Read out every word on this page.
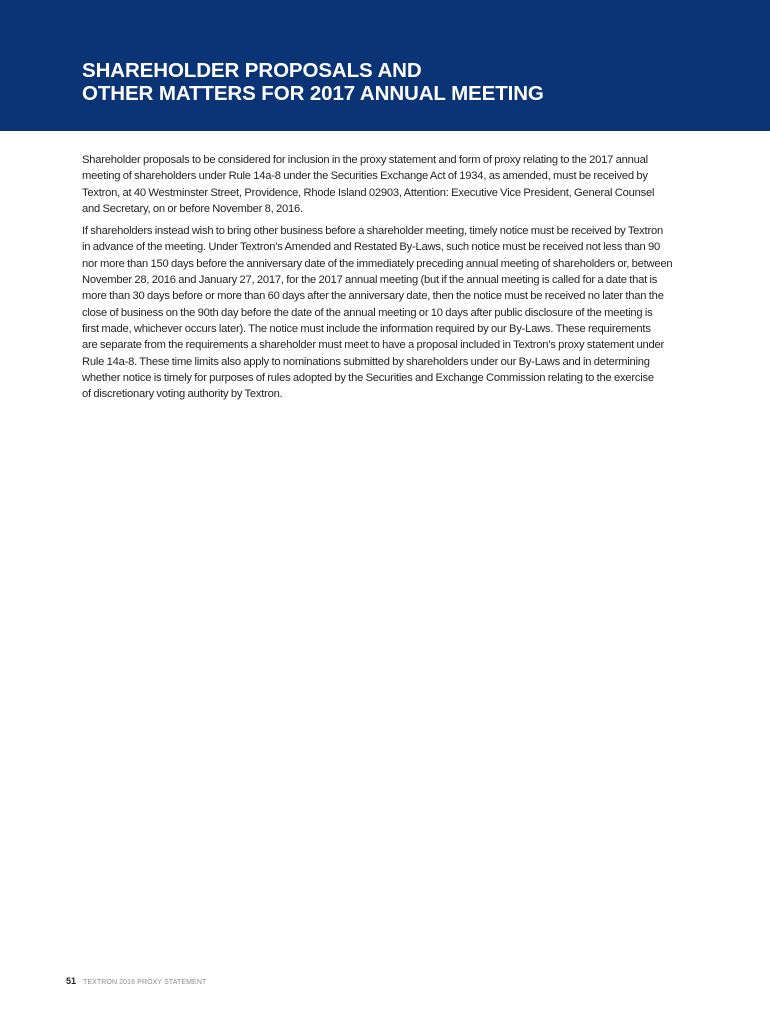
SHAREHOLDER PROPOSALS AND
OTHER MATTERS FOR 2017 ANNUAL MEETING

Shareholder proposals to be considered for inclusion in the proxy statement and form of proxy relating to the 2017 annual
meeting of shareholders under Rule 14a-8 under the Securities Exchange Act of 1934, as amended, must be received by
Textron, at 40 Westminster Street, Providence, Rhode Island 02903, Attention: Executive Vice President, General Counsel
and Secretary, on or before November 8, 2016.

If shareholders instead wish to bring other business before a shareholder meeting, timely notice must be received by Textron
in advance of the meeting. Under Textron’s Amended and Restated By-Laws, such notice must be received not less than 90
nor more than 150 days before the anniversary date of the immediately preceding annual meeting of shareholders or, between
November 28, 2016 and January 27, 2017, for the 2017 annual meeting (but if the annual meeting is called for a date that is
more than 30 days before or more than 60 days after the anniversary date, then the notice must be received no later than the
close of business on the 90th day before the date of the annual meeting or 10 days after public disclosure of the meeting is
first made, whichever occurs later). The notice must include the information required by our By-Laws. These requirements
are separate from the requirements a shareholder must meet to have a proposal included in Textron’s proxy statement under
Rule 14a-8. These time limits also apply to nominations submitted by shareholders under our By-Laws and in determining
whether notice is timely for purposes of rules adopted by the Securities and Exchange Commission relating to the exercise
of discretionary voting authority by Textron.

51 TEXTRON 2016 PROXY STATEMENT
